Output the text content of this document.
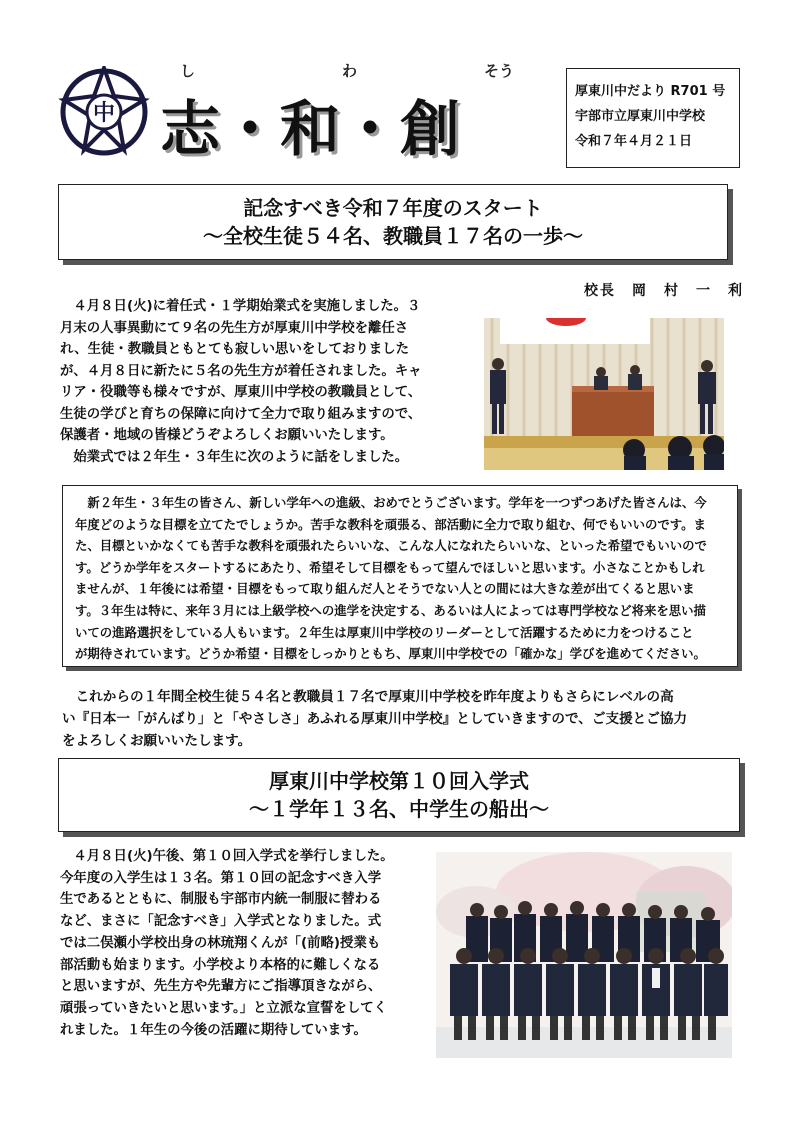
中
し	わ	そう
志・和・創
厚東川中だより R701 号
宇部市立厚東川中学校
令和７年４月２１日
記念すべき令和７年度のスタート
～全校生徒５４名、教職員１７名の一歩～
校長　岡　村　一　利

　４月８日(火)に着任式・１学期始業式を実施しました。３

月末の人事異動にて９名の先生方が厚東川中学校を離任さ

れ、生徒・教職員ともとても寂しい思いをしておりました

が、４月８日に新たに５名の先生方が着任されました。キャ

リア・役職等も様々ですが、厚東川中学校の教職員として、

生徒の学びと育ちの保障に向けて全力で取り組みますので、

保護者・地域の皆様どうぞよろしくお願いいたします。

　始業式では２年生・３年生に次のように話をしました。

　新２年生・３年生の皆さん、新しい学年への進級、おめでとうございます。学年を一つずつあげた皆さんは、今
年度どのような目標を立てたでしょうか。苦手な教科を頑張る、部活動に全力で取り組む、何でもいいのです。ま
た、目標といかなくても苦手な教科を頑張れたらいいな、こんな人になれたらいいな、といった希望でもいいので
す。どうか学年をスタートするにあたり、希望そして目標をもって望んでほしいと思います。小さなことかもしれ
ませんが、１年後には希望・目標をもって取り組んだ人とそうでない人との間には大きな差が出てくると思いま
す。３年生は特に、来年３月には上級学校への進学を決定する、あるいは人によっては専門学校など将来を思い描
いての進路選択をしている人もいます。２年生は厚東川中学校のリーダーとして活躍するために力をつけること
が期待されています。どうか希望・目標をしっかりともち、厚東川中学校での「確かな」学びを進めてください。

　これからの１年間全校生徒５４名と教職員１７名で厚東川中学校を昨年度よりもさらにレベルの高

い『日本一「がんばり」と「やさしさ」あふれる厚東川中学校』としていきますので、ご支援とご協力

をよろしくお願いいたします。

厚東川中学校第１０回入学式
～１学年１３名、中学生の船出～

　４月８日(火)午後、第１０回入学式を挙行しました。

今年度の入学生は１３名。第１０回の記念すべき入学

生であるとともに、制服も宇部市内統一制服に替わる

など、まさに「記念すべき」入学式となりました。式

では二俣瀬小学校出身の林琉翔くんが「(前略)授業も

部活動も始まります。小学校より本格的に難しくなる

と思いますが、先生方や先輩方にご指導頂きながら、

頑張っていきたいと思います。」と立派な宣誓をしてく

れました。１年生の今後の活躍に期待しています。
